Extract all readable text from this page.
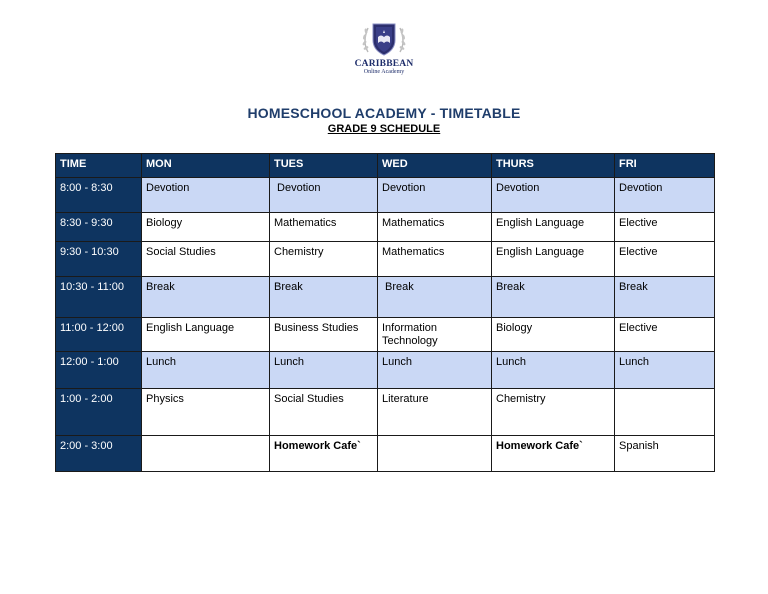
CARIBBEAN
Online Academy
HOMESCHOOL ACADEMY - TIMETABLE
GRADE 9 SCHEDULE
TIME	MON	TUES	WED	THURS	FRI
8:00 - 8:30	Devotion	Devotion	Devotion	Devotion	Devotion
8:30 - 9:30	Biology	Mathematics	Mathematics	English Language	Elective
9:30 - 10:30	Social Studies	Chemistry	Mathematics	English Language	Elective
10:30 - 11:00	Break	Break	Break	Break	Break
11:00 - 12:00	English Language	Business Studies	Information Technology	Biology	Elective
12:00 - 1:00	Lunch	Lunch	Lunch	Lunch	Lunch
1:00 - 2:00	Physics	Social Studies	Literature	Chemistry	
2:00 - 3:00		Homework Cafe`		Homework Cafe`	Spanish
